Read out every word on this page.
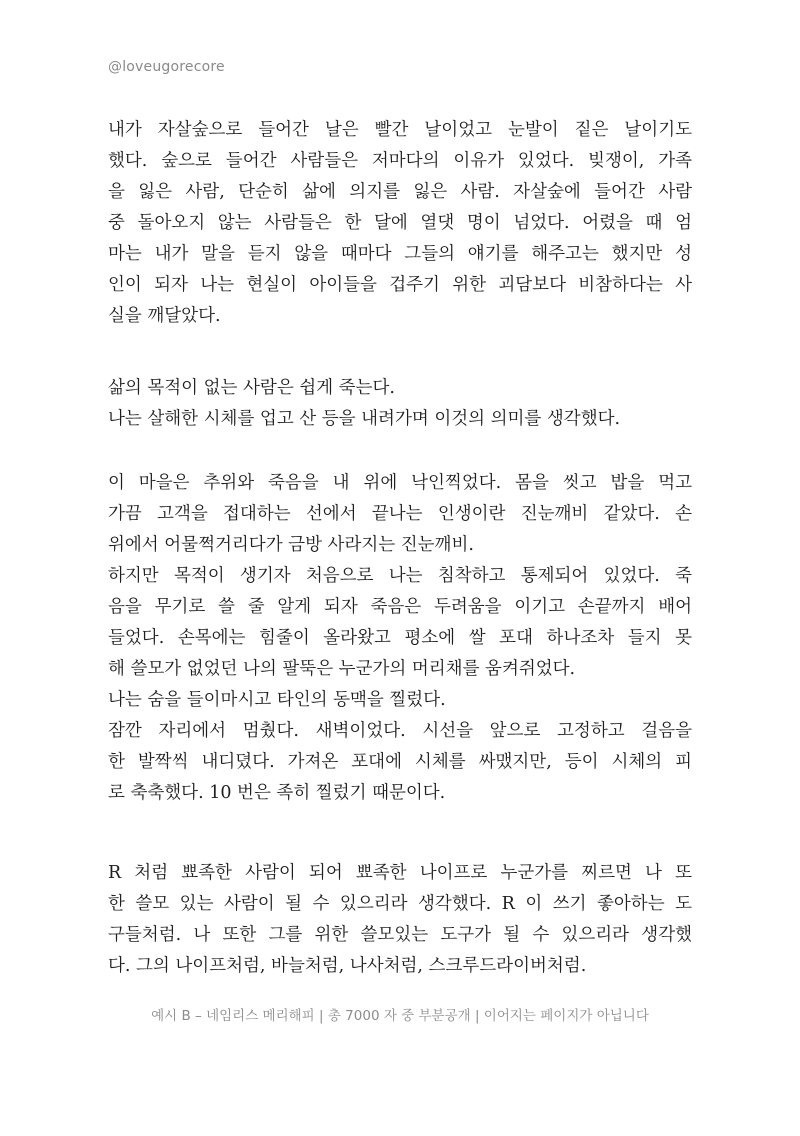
@loveugorecore
내가 자살숲으로 들어간 날은 빨간 날이었고 눈발이 짙은 날이기도
했다. 숲으로 들어간 사람들은 저마다의 이유가 있었다. 빚쟁이, 가족
을 잃은 사람, 단순히 삶에 의지를 잃은 사람. 자살숲에 들어간 사람
중 돌아오지 않는 사람들은 한 달에 열댓 명이 넘었다. 어렸을 때 엄
마는 내가 말을 듣지 않을 때마다 그들의 얘기를 해주고는 했지만 성
인이 되자 나는 현실이 아이들을 겁주기 위한 괴담보다 비참하다는 사
실을 깨달았다.
삶의 목적이 없는 사람은 쉽게 죽는다.
나는 살해한 시체를 업고 산 등을 내려가며 이것의 의미를 생각했다.
이 마을은 추위와 죽음을 내 위에 낙인찍었다. 몸을 씻고 밥을 먹고
가끔 고객을 접대하는 선에서 끝나는 인생이란 진눈깨비 같았다. 손
위에서 어물쩍거리다가 금방 사라지는 진눈깨비.
하지만 목적이 생기자 처음으로 나는 침착하고 통제되어 있었다. 죽
음을 무기로 쓸 줄 알게 되자 죽음은 두려움을 이기고 손끝까지 배어
들었다. 손목에는 힘줄이 올라왔고 평소에 쌀 포대 하나조차 들지 못
해 쓸모가 없었던 나의 팔뚝은 누군가의 머리채를 움켜쥐었다.
나는 숨을 들이마시고 타인의 동맥을 찔렀다.
잠깐 자리에서 멈췄다. 새벽이었다. 시선을 앞으로 고정하고 걸음을
한 발짝씩 내디뎠다. 가져온 포대에 시체를 싸맸지만, 등이 시체의 피
로 축축했다. 10 번은 족히 찔렀기 때문이다.
R 처럼 뾰족한 사람이 되어 뾰족한 나이프로 누군가를 찌르면 나 또
한 쓸모 있는 사람이 될 수 있으리라 생각했다. R 이 쓰기 좋아하는 도
구들처럼. 나 또한 그를 위한 쓸모있는 도구가 될 수 있으리라 생각했
다. 그의 나이프처럼, 바늘처럼, 나사처럼, 스크루드라이버처럼.
예시 B – 네임리스 메리해피 | 총 7000 자 중 부분공개 | 이어지는 페이지가 아닙니다
